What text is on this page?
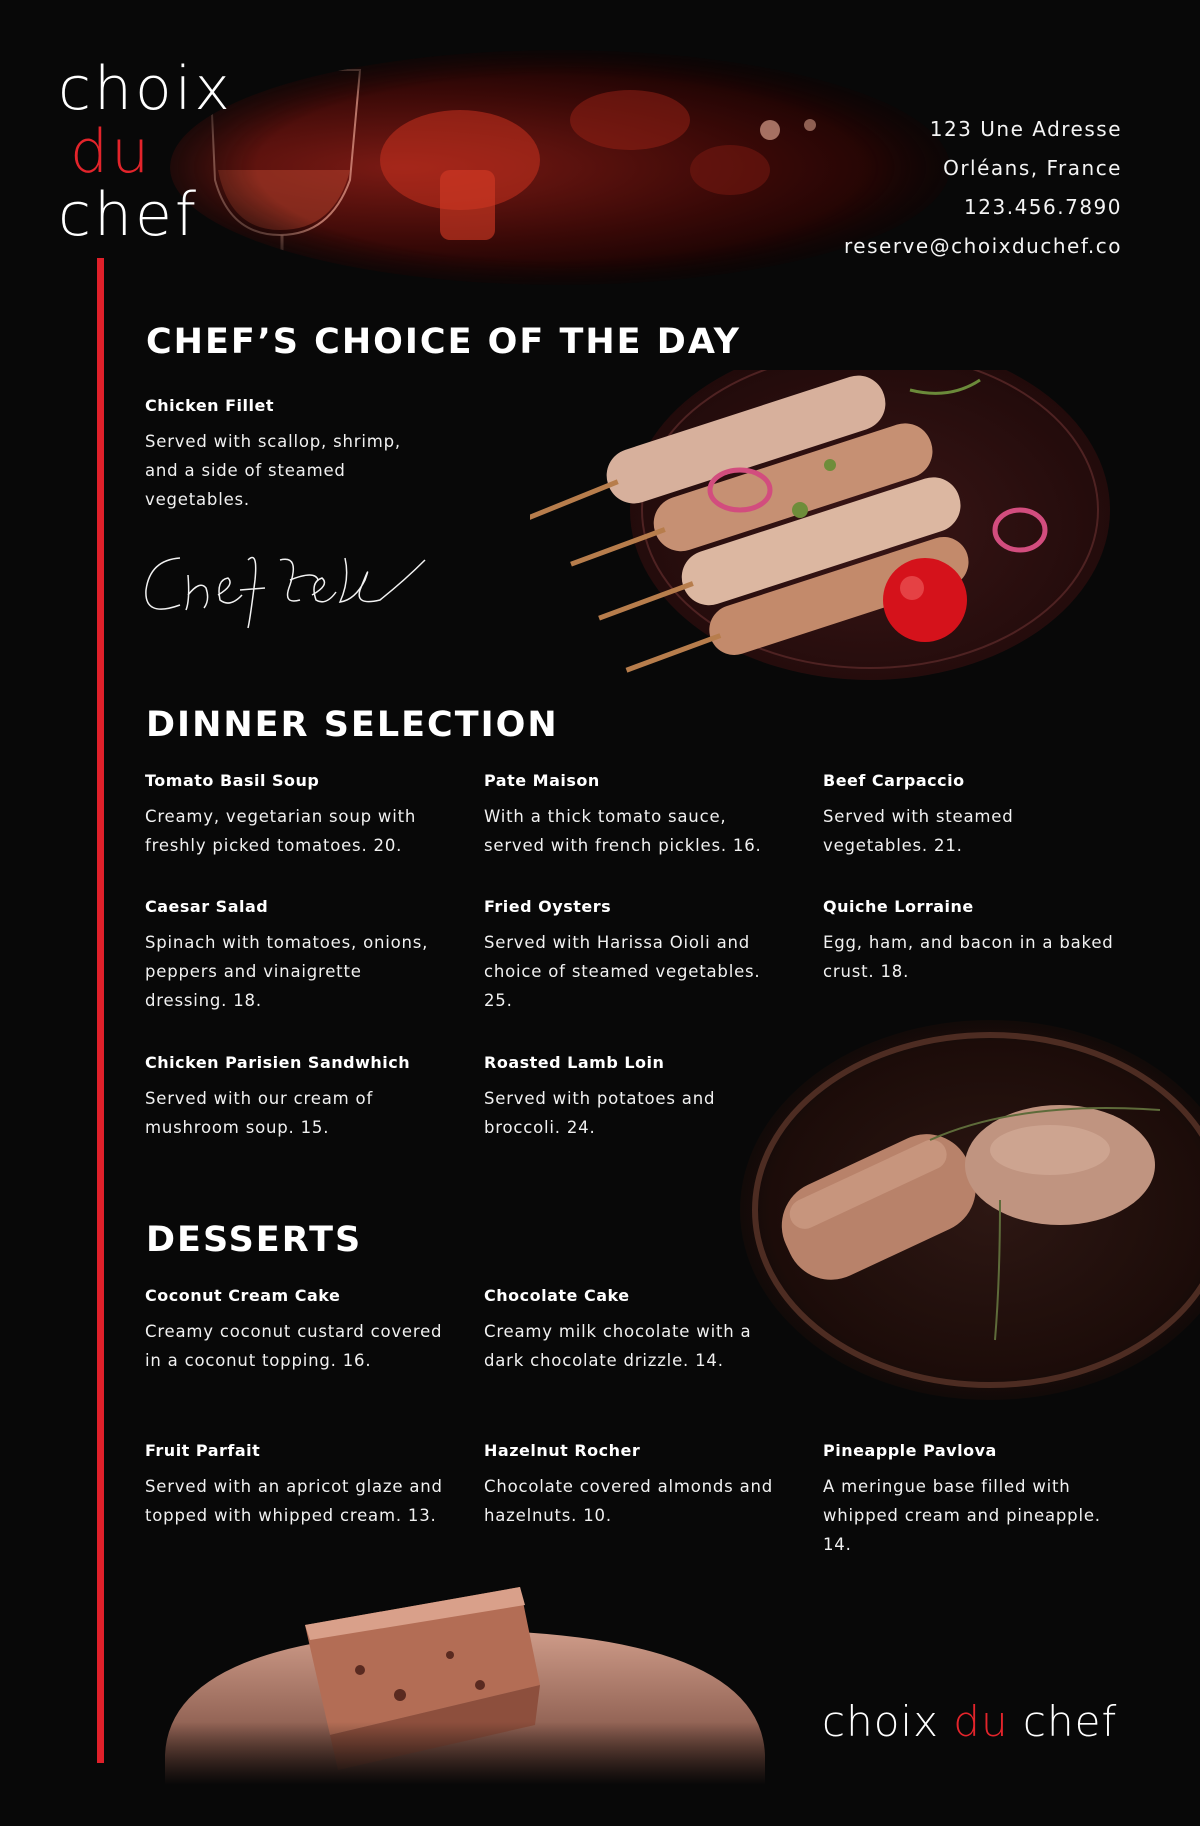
choix
du
chef
123 Une Adresse
Orléans, France
123.456.7890
reserve@choixduchef.co
CHEF’S CHOICE OF THE DAY
Chicken Fillet
Served with scallop, shrimp, and a side of steamed vegetables.
DINNER SELECTION
Tomato Basil Soup
Creamy, vegetarian soup with freshly picked tomatoes. 20.
Pate Maison
With a thick tomato sauce, served with french pickles. 16.
Beef Carpaccio
Served with steamed vegetables. 21.
Caesar Salad
Spinach with tomatoes, onions, peppers and vinaigrette dressing. 18.
Fried Oysters
Served with Harissa Oioli and choice of steamed vegetables. 25.
Quiche Lorraine
Egg, ham, and bacon in a baked crust. 18.
Chicken Parisien Sandwhich
Served with our cream of mushroom soup. 15.
Roasted Lamb Loin
Served with potatoes and broccoli. 24.
DESSERTS
Coconut Cream Cake
Creamy coconut custard covered in a coconut topping. 16.
Chocolate Cake
Creamy milk chocolate with a dark chocolate drizzle. 14.
Fruit Parfait
Served with an apricot glaze and topped with whipped cream. 13.
Hazelnut Rocher
Chocolate covered almonds and hazelnuts. 10.
Pineapple Pavlova
A meringue base filled with whipped cream and pineapple. 14.
choix du chef
